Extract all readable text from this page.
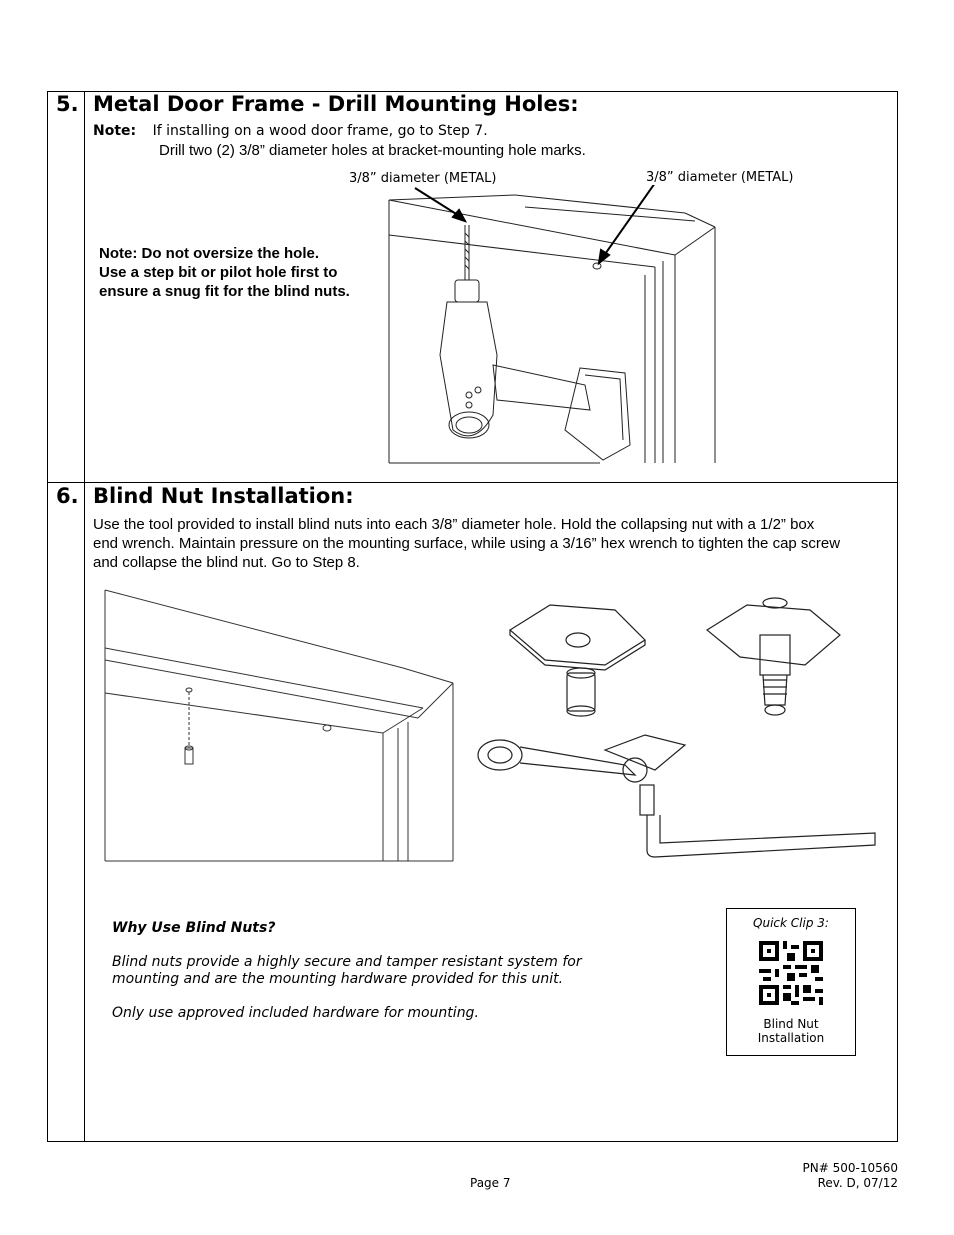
5. Metal Door Frame - Drill Mounting Holes:
Note: If installing on a wood door frame, go to Step 7.
Drill two (2) 3/8” diameter holes at bracket-mounting hole marks.
3/8” diameter (METAL)	3/8” diameter (METAL)
Note: Do not oversize the hole.
Use a step bit or pilot hole first to
ensure a snug fit for the blind nuts.
6. Blind Nut Installation:
Use the tool provided to install blind nuts into each 3/8” diameter hole. Hold the collapsing nut with a 1/2” box
end wrench. Maintain pressure on the mounting surface, while using a 3/16” hex wrench to tighten the cap screw
and collapse the blind nut. Go to Step 8.
Why Use Blind Nuts?
Blind nuts provide a highly secure and tamper resistant system for
mounting and are the mounting hardware provided for this unit.
Only use approved included hardware for mounting.
Quick Clip 3:
Blind Nut
Installation
Page 7
PN# 500-10560
Rev. D, 07/12
